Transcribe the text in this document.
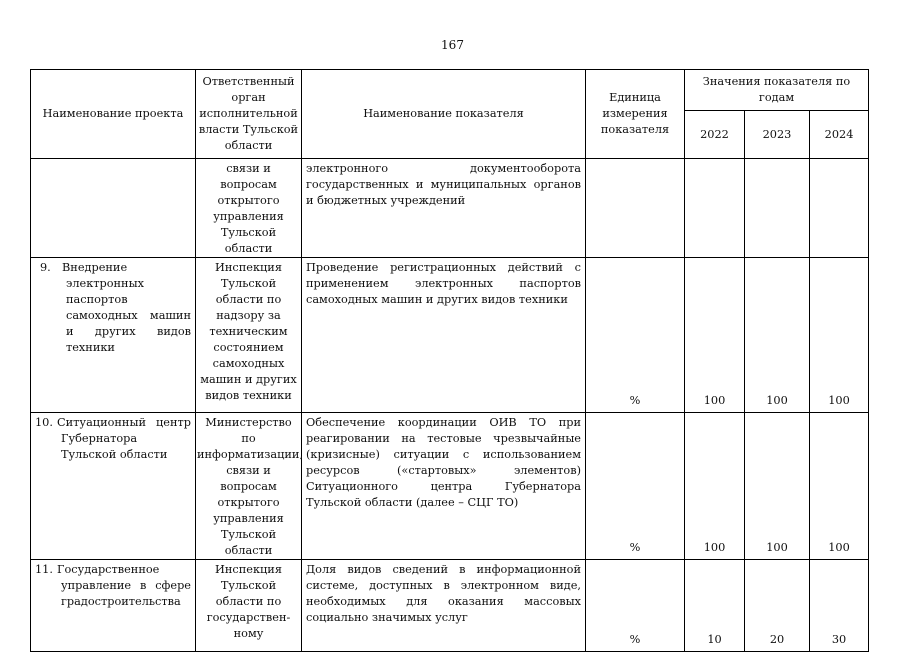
167
Наименование проекта	Ответственный орган исполнительной власти Тульской области	Наименование показателя	Единица измерения показателя	Значения показателя по годам		
				2022	2023	2024
	связи и вопросам открытого управления Тульской области	электронного документооборота государственных и муниципальных органов и бюджетных учреждений				

9. Внедрение электронных паспортов самоходных машин и других видов техники	Инспекция Тульской области по надзору за техническим состоянием самоходных машин и других видов техники	Проведение регистрационных действий с применением электронных паспортов самоходных машин и других видов техники	%	100	100	100

10. Ситуационный центр Губернатора Тульской области	Министерство по информатизации, связи и вопросам открытого управления Тульской области	Обеспечение координации ОИВ ТО при реагировании на тестовые чрезвычайные (кризисные) ситуации с использованием ресурсов («стартовых» элементов) Ситуационного центра Губернатора Тульской области (далее – СЦГ ТО)	%	100	100	100

11. Государственное управление в сфере градостроительства	Инспекция Тульской области по государствен-ному	Доля видов сведений в информационной системе, доступных в электронном виде, необходимых для оказания массовых социально значимых услуг	%	10	20	30
